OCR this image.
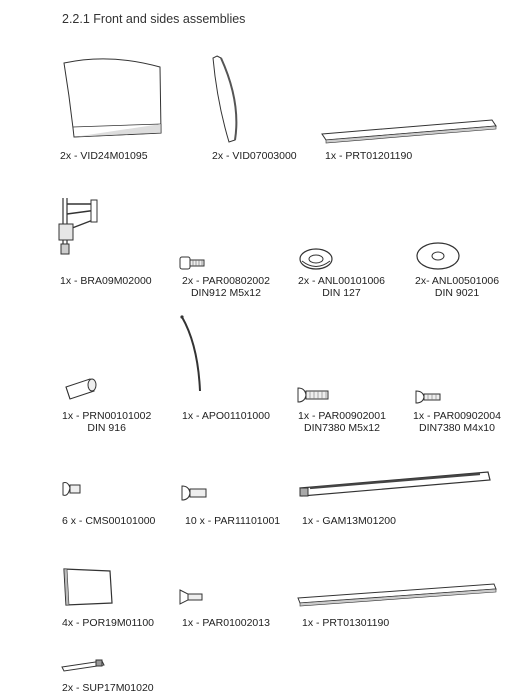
2.2.1 Front and sides assemblies
2x - VID24M01095	2x - VID07003000	1x - PRT01201190
1x - BRA09M02000	2x - PAR00802002
DIN912 M5x12
2x - ANL00101006
DIN 127
2x- ANL00501006
DIN 9021
1x - PRN00101002
DIN 916
1x - APO01101000	1x - PAR00902001
DIN7380 M5x12
1x - PAR00902004
DIN7380 M4x10
6 x - CMS00101000	10 x - PAR11101001 1x - GAM13M01200
4x - POR19M01100	1x - PAR01002013	1x - PRT01301190
2x - SUP17M01020
